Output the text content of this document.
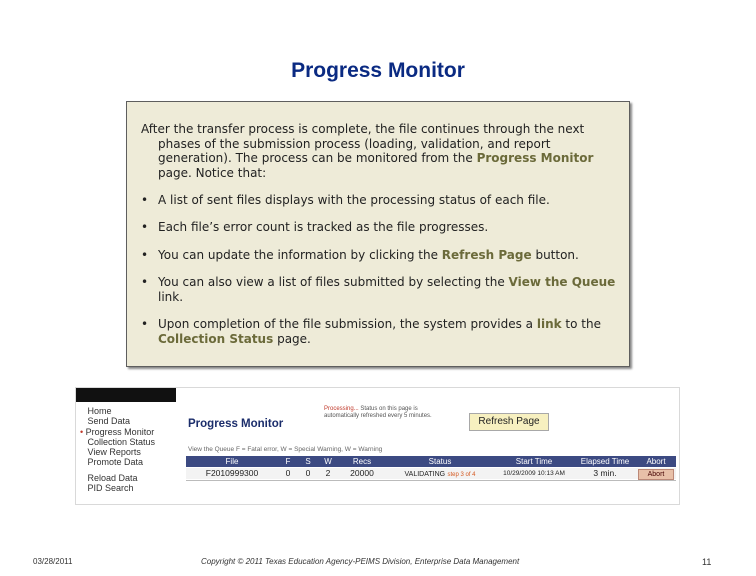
Progress Monitor
After the transfer process is complete, the file continues through the next
phases of the submission process (loading, validation, and report generation). The process can be monitored from the Progress Monitor page. Notice that:
• A list of sent files displays with the processing status of each file.
• Each file’s error count is tracked as the file progresses.
• You can update the information by clicking the Refresh Page button.
• You can also view a list of files submitted by selecting the View the Queue link.
• Upon completion of the file submission, the system provides a link to the Collection Status page.
Home
Send Data
• Progress Monitor
Collection Status
View Reports
Promote Data
Reload Data
PID Search
Progress Monitor
Processing... Status on this page is automatically refreshed every 5 minutes.	Refresh Page
View the Queue F = Fatal error, W = Special Warning, W = Warning
File	F	S	W	Recs	Status	Start Time	Elapsed Time	Abort
F2010999300	0	0	2	20000	VALIDATING step 3 of 4	10/29/2009 10:13 AM	3 min.	Abort
03/28/2011	Copyright © 2011 Texas Education Agency-PEIMS Division, Enterprise Data Management	11
